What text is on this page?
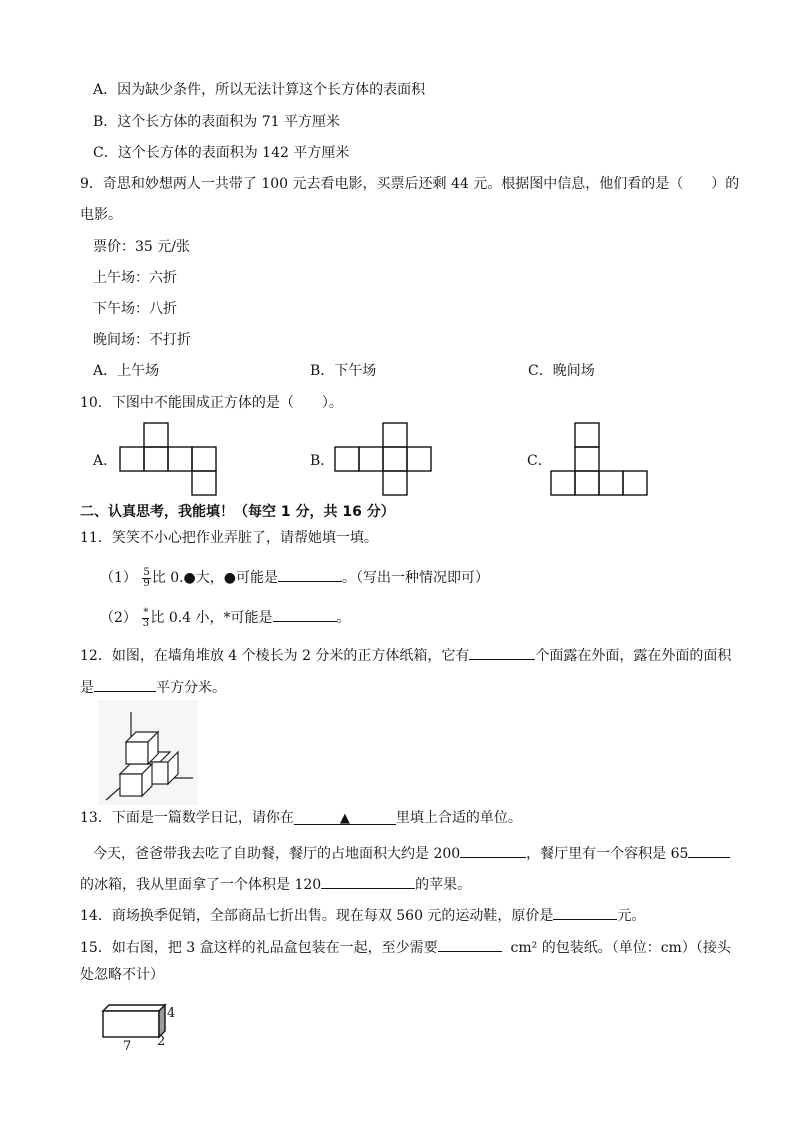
A．因为缺少条件，所以无法计算这个长方体的表面积
B．这个长方体的表面积为 71 平方厘米
C．这个长方体的表面积为 142 平方厘米
9．奇思和妙想两人一共带了 100 元去看电影，买票后还剩 44 元。根据图中信息，他们看的是（　　）的
电影。
票价：35 元/张
上午场：六折
下午场：八折
晚间场：不打折
A．上午场	B．下午场	C．晚间场
10．下图中不能围成正方体的是（　　）。
A．	B．	C．
二、认真思考，我能填！（每空 1 分，共 16 分）
11．笑笑不小心把作业弄脏了，请帮她填一填。
$(1) \frac{5}{9}$ 比 0.●大，●可能是	。（写出一种情况即可）
$(2) \frac{*}{3}$ 比 0.4 小，*可能是	。
12．如图，在墙角堆放 4 个棱长为 2 分米的正方体纸箱，它有	个面露在外面，露在外面的面积
是	平方分米。
13．下面是一篇数学日记，请你在	▲	里填上合适的单位。
今天，爸爸带我去吃了自助餐，餐厅的占地面积大约是 200	，餐厅里有一个容积是 65
的冰箱，我从里面拿了一个体积是 120	的苹果。
14．商场换季促销，全部商品七折出售。现在每双 560 元的运动鞋，原价是	元。
15．如右图，把 3 盒这样的礼品盒包装在一起，至少需要	cm² 的包装纸。（单位：cm）（接头
处忽略不计）
4
7 2
